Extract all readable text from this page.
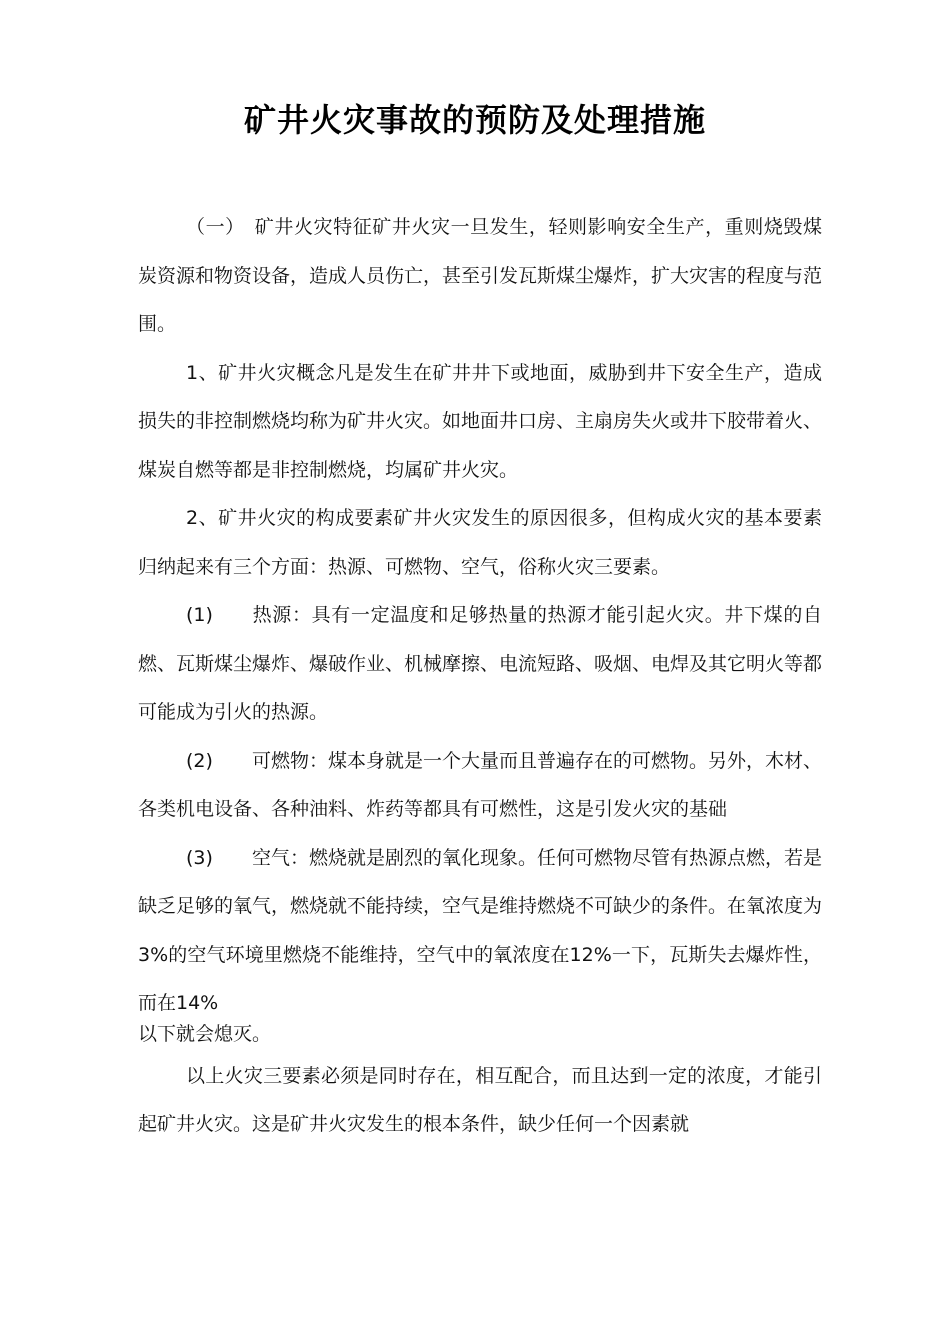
矿井火灾事故的预防及处理措施

（一）　矿井火灾特征矿井火灾一旦发生，轻则影响安全生产，重则烧毁煤炭资源和物资设备，造成人员伤亡，甚至引发瓦斯煤尘爆炸，扩大灾害的程度与范围。

1、矿井火灾概念凡是发生在矿井井下或地面，威胁到井下安全生产，造成损失的非控制燃烧均称为矿井火灾。如地面井口房、主扇房失火或井下胶带着火、煤炭自燃等都是非控制燃烧，均属矿井火灾。

2、矿井火灾的构成要素矿井火灾发生的原因很多，但构成火灾的基本要素归纳起来有三个方面：热源、可燃物、空气，俗称火灾三要素。

(1) 热源：具有一定温度和足够热量的热源才能引起火灾。井下煤的自燃、瓦斯煤尘爆炸、爆破作业、机械摩擦、电流短路、吸烟、电焊及其它明火等都可能成为引火的热源。

(2) 可燃物：煤本身就是一个大量而且普遍存在的可燃物。另外，木材、各类机电设备、各种油料、炸药等都具有可燃性，这是引发火灾的基础

(3) 空气：燃烧就是剧烈的氧化现象。任何可燃物尽管有热源点燃，若是缺乏足够的氧气，燃烧就不能持续，空气是维持燃烧不可缺少的条件。在氧浓度为3%的空气环境里燃烧不能维持，空气中的氧浓度在12%一下，瓦斯失去爆炸性，而在14%
以下就会熄灭。

以上火灾三要素必须是同时存在，相互配合，而且达到一定的浓度，才能引起矿井火灾。这是矿井火灾发生的根本条件，缺少任何一个因素就
